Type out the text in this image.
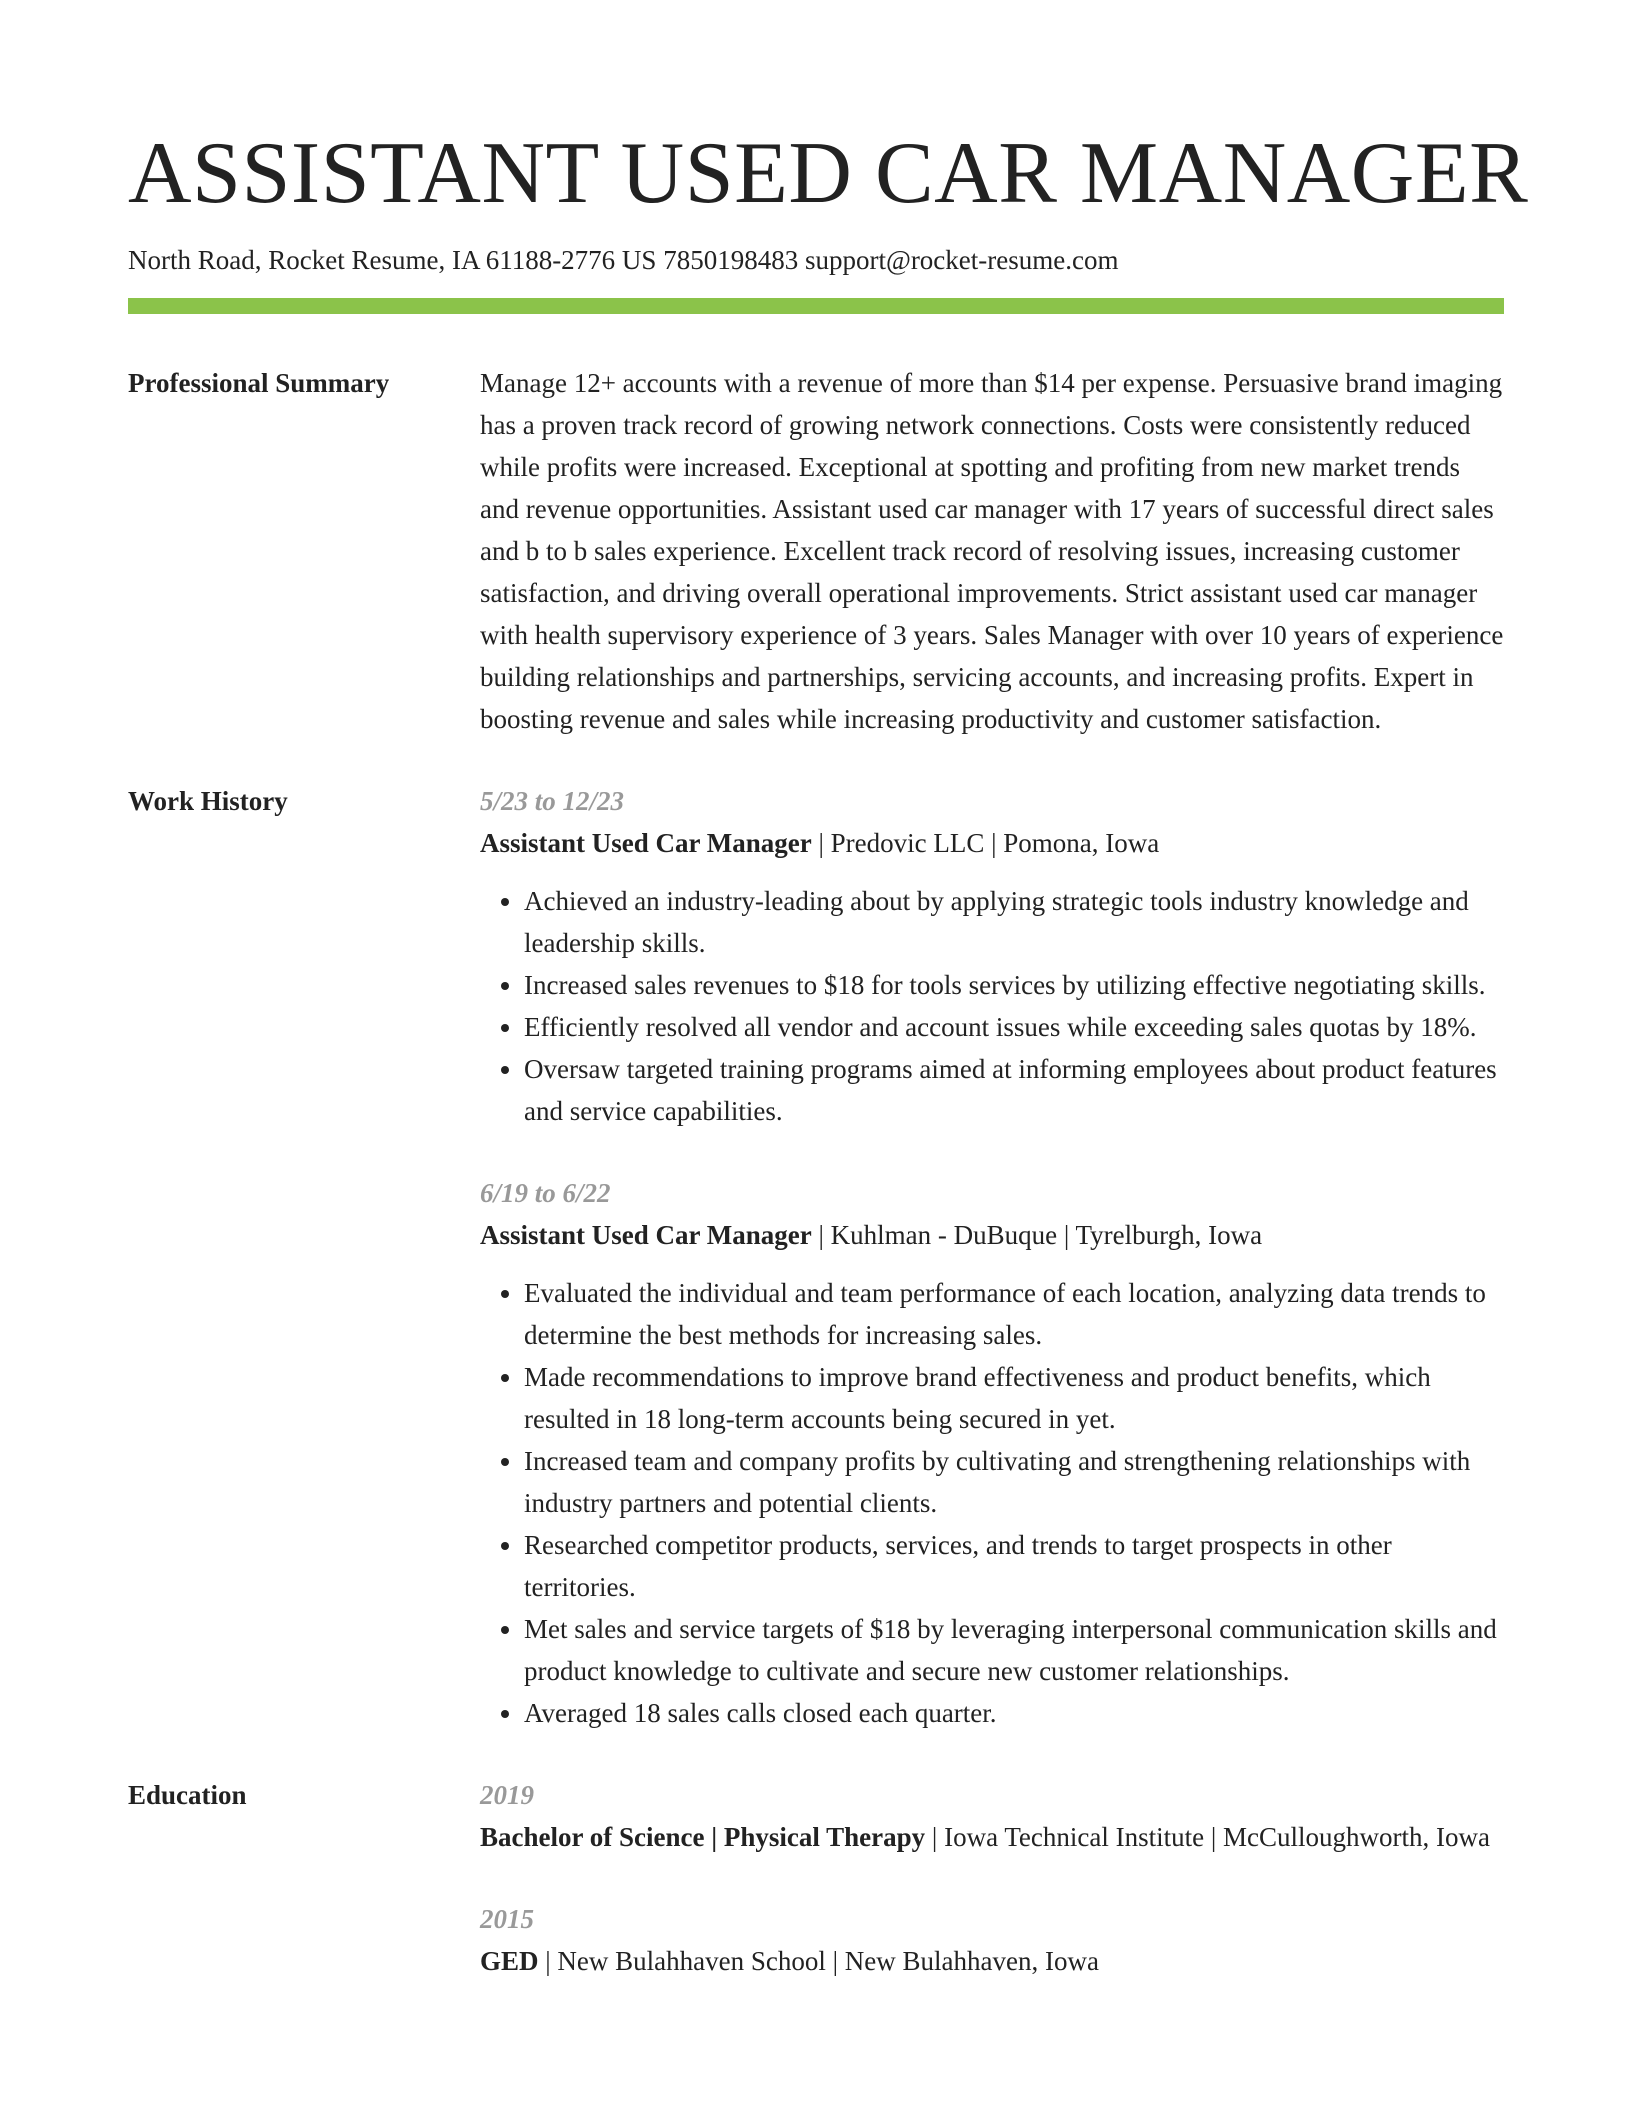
ASSISTANT USED CAR MANAGER
North Road, Rocket Resume, IA 61188-2776 US 7850198483 support@rocket-resume.com
Professional Summary	Manage 12+ accounts with a revenue of more than $14 per expense. Persuasive brand imaging has a proven track record of growing network connections. Costs were consistently reduced while profits were increased. Exceptional at spotting and profiting from new market trends and revenue opportunities. Assistant used car manager with 17 years of successful direct sales and b to b sales experience. Excellent track record of resolving issues, increasing customer satisfaction, and driving overall operational improvements. Strict assistant used car manager with health supervisory experience of 3 years. Sales Manager with over 10 years of experience building relationships and partnerships, servicing accounts, and increasing profits. Expert in boosting revenue and sales while increasing productivity and customer satisfaction.

Work History	5/23 to 12/23
Assistant Used Car Manager | Predovic LLC | Pomona, Iowa
• Achieved an industry-leading about by applying strategic tools industry knowledge and leadership skills.
• Increased sales revenues to $18 for tools services by utilizing effective negotiating skills.
• Efficiently resolved all vendor and account issues while exceeding sales quotas by 18%.
• Oversaw targeted training programs aimed at informing employees about product features and service capabilities.
6/19 to 6/22
Assistant Used Car Manager | Kuhlman - DuBuque | Tyrelburgh, Iowa
• Evaluated the individual and team performance of each location, analyzing data trends to determine the best methods for increasing sales.
• Made recommendations to improve brand effectiveness and product benefits, which resulted in 18 long-term accounts being secured in yet.
• Increased team and company profits by cultivating and strengthening relationships with industry partners and potential clients.
• Researched competitor products, services, and trends to target prospects in other territories.
• Met sales and service targets of $18 by leveraging interpersonal communication skills and product knowledge to cultivate and secure new customer relationships.
• Averaged 18 sales calls closed each quarter.
Education	2019
Bachelor of Science | Physical Therapy | Iowa Technical Institute | McCulloughworth, Iowa
2015
GED | New Bulahhaven School | New Bulahhaven, Iowa
